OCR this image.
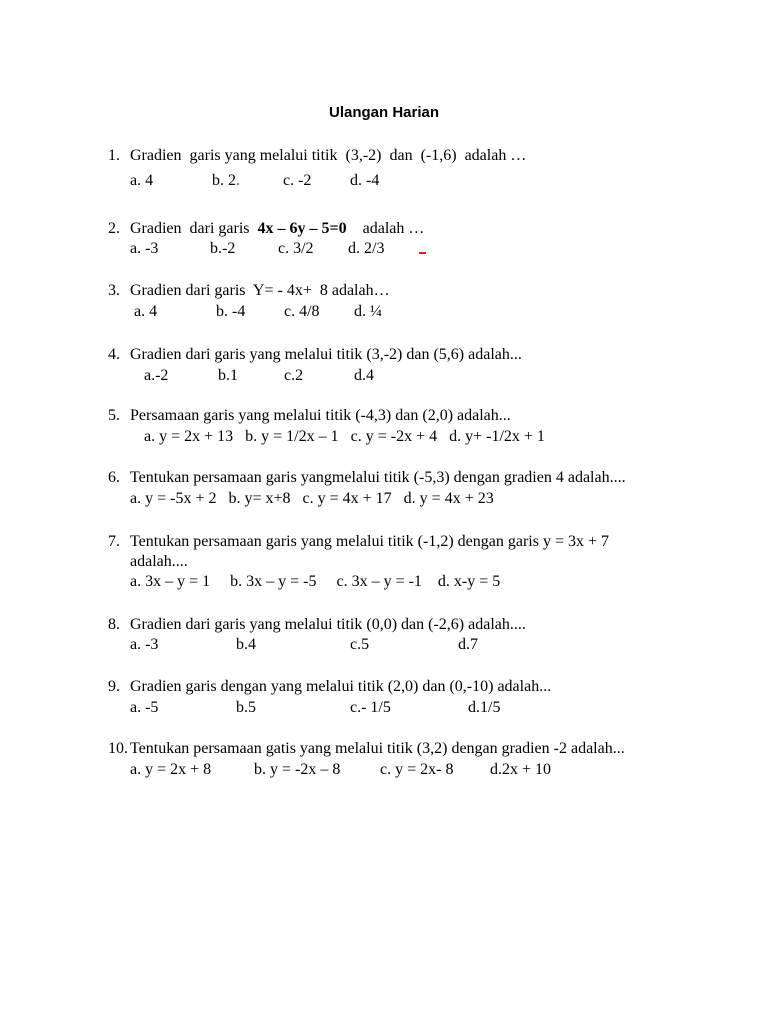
Ulangan Harian
1. Gradien  garis yang melalui titik  (3,-2)  dan  (-1,6)  adalah …
a. 4	b. 2.	c. -2 d. -4
2. Gradien  dari garis  4x – 6y – 5=0    adalah …
a. -3	b.-2	c. 3/2 d. 2/3
3. Gradien dari garis  Y= - 4x+  8 adalah…
a. 4	b. -4 c. 4/8 d. ¼
4. Gradien dari garis yang melalui titik (3,-2) dan (5,6) adalah...
a.-2	b.1	c.2	d.4
5. Persamaan garis yang melalui titik (-4,3) dan (2,0) adalah...
a. y = 2x + 13   b. y = 1/2x – 1   c. y = -2x + 4   d. y+ -1/2x + 1
6. Tentukan persamaan garis yangmelalui titik (-5,3) dengan gradien 4 adalah....
a. y = -5x + 2   b. y= x+8   c. y = 4x + 17   d. y = 4x + 23
7. Tentukan persamaan garis yang melalui titik (-1,2) dengan garis y = 3x + 7
adalah....
a. 3x – y = 1     b. 3x – y = -5     c. 3x – y = -1    d. x-y = 5
8. Gradien dari garis yang melalui titik (0,0) dan (-2,6) adalah....
a. -3	b.4	c.5	d.7
9. Gradien garis dengan yang melalui titik (2,0) dan (0,-10) adalah...
a. -5	b.5	c.- 1/5	d.1/5
10. Tentukan persamaan gatis yang melalui titik (3,2) dengan gradien -2 adalah...
a. y = 2x + 8	b. y = -2x – 8 c. y = 2x- 8 d.2x + 10
